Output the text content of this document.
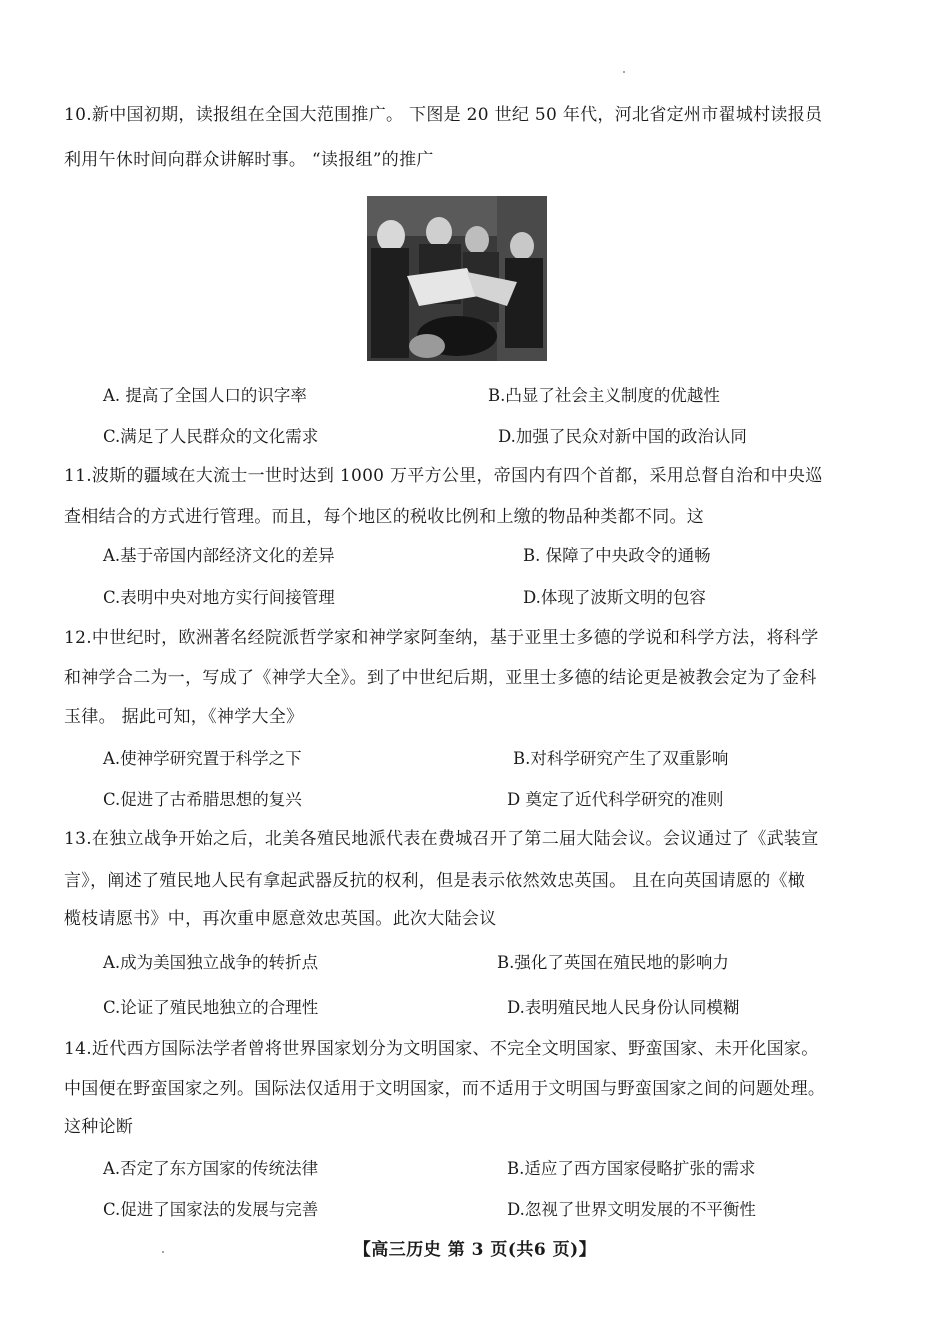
10.新中国初期，读报组在全国大范围推广。 下图是 20 世纪 50 年代，河北省定州市翟城村读报员
利用午休时间向群众讲解时事。 “读报组”的推广
A. 提高了全国人口的识字率	B.凸显了社会主义制度的优越性
C.满足了人民群众的文化需求	D.加强了民众对新中国的政治认同
11.波斯的疆域在大流士一世时达到 1000 万平方公里，帝国内有四个首都，采用总督自治和中央巡
查相结合的方式进行管理。而且，每个地区的税收比例和上缴的物品种类都不同。这
A.基于帝国内部经济文化的差异	B. 保障了中央政令的通畅
C.表明中央对地方实行间接管理	D.体现了波斯文明的包容
12.中世纪时，欧洲著名经院派哲学家和神学家阿奎纳，基于亚里士多德的学说和科学方法，将科学
和神学合二为一，写成了《神学大全》。到了中世纪后期，亚里士多德的结论更是被教会定为了金科
玉律。 据此可知，《神学大全》
A.使神学研究置于科学之下	B.对科学研究产生了双重影响
C.促进了古希腊思想的复兴	D 奠定了近代科学研究的准则
13.在独立战争开始之后，北美各殖民地派代表在费城召开了第二届大陆会议。会议通过了《武装宣
言》，阐述了殖民地人民有拿起武器反抗的权利，但是表示依然效忠英国。 且在向英国请愿的《橄
榄枝请愿书》中，再次重申愿意效忠英国。此次大陆会议
A.成为美国独立战争的转折点	B.强化了英国在殖民地的影响力
C.论证了殖民地独立的合理性	D.表明殖民地人民身份认同模糊
14.近代西方国际法学者曾将世界国家划分为文明国家、不完全文明国家、野蛮国家、未开化国家。
中国便在野蛮国家之列。国际法仅适用于文明国家，而不适用于文明国与野蛮国家之间的问题处理。
这种论断
A.否定了东方国家的传统法律	B.适应了西方国家侵略扩张的需求
C.促进了国家法的发展与完善	D.忽视了世界文明发展的不平衡性
【高三历史 第 3 页(共6 页)】
